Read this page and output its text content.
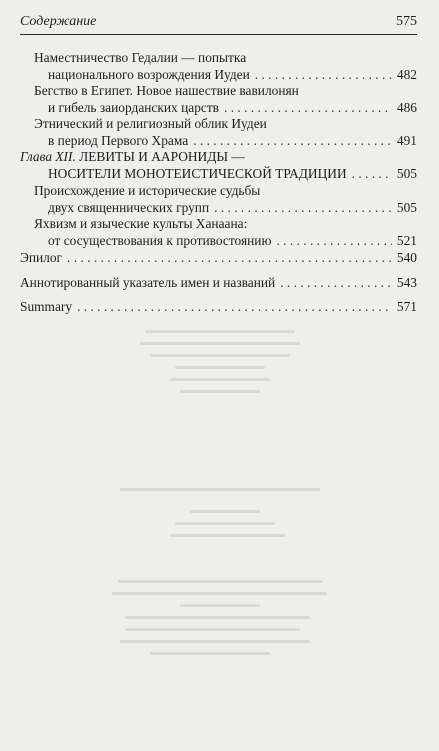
Содержание	575
Наместничество Гедалии — попытка
национального возрождения Иудеи . . .	482
Бегство в Египет. Новое нашествие вавилонян
и гибель заиорданских царств . . .	486
Этнический и религиозный облик Иудеи
в период Первого Храма . . .	491
Глава XII. ЛЕВИТЫ И ААРОНИДЫ —
НОСИТЕЛИ МОНОТЕИСТИЧЕСКОЙ ТРАДИЦИИ . . .	505
Происхождение и исторические судьбы
двух священнических групп . . .	505
Яхвизм и языческие культы Ханаана:
от сосуществования к противостоянию . . .	521
Эпилог . . .	540
Аннотированный указатель имен и названий . . .	543
Summary . . .	571
